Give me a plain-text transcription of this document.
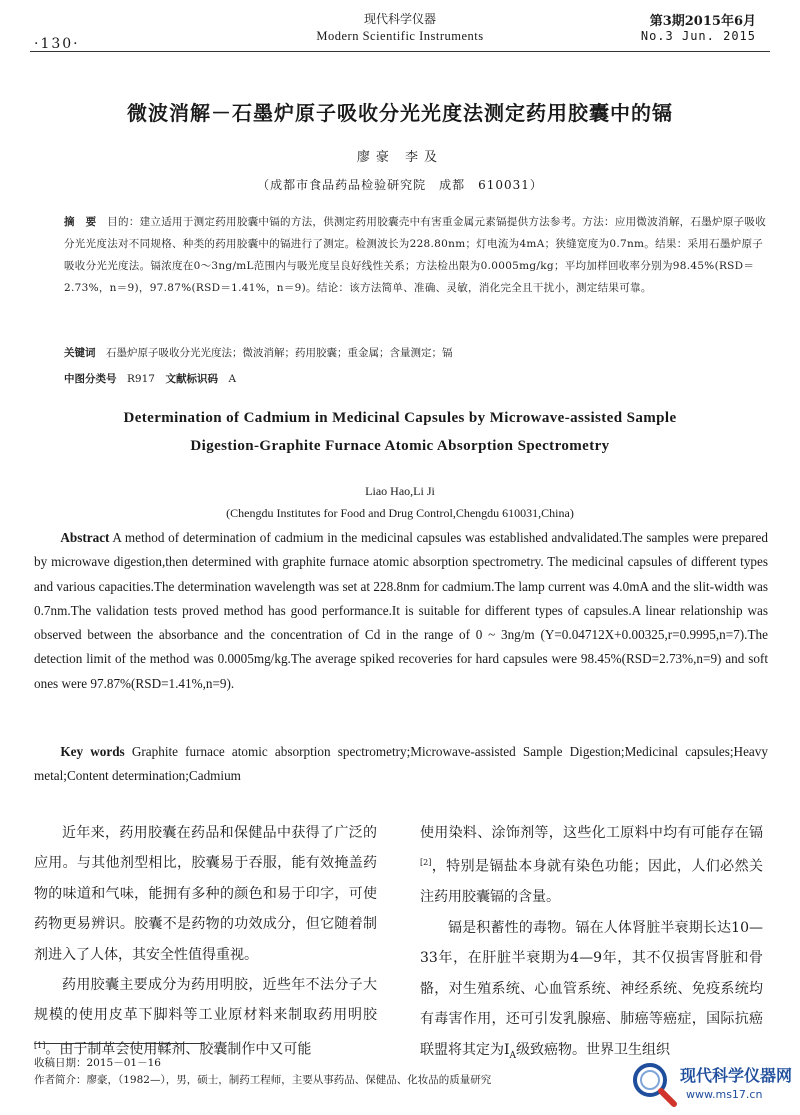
·130·
现代科学仪器
Modern Scientific Instruments
第3期2015年6月
No.3 Jun. 2015
微波消解－石墨炉原子吸收分光光度法测定药用胶囊中的镉
廖豪 李及
（成都市食品药品检验研究院　成都　610031）
摘　要　 目的：建立适用于测定药用胶囊中镉的方法，供测定药用胶囊壳中有害重金属元素镉提供方法参考。方法：应用微波消解，石墨炉原子吸收分光光度法对不同规格、种类的药用胶囊中的镉进行了测定。检测波长为228.80nm；灯电流为4mA；狭缝宽度为0.7nm。结果：采用石墨炉原子吸收分光光度法。镉浓度在0～3ng/mL范围内与吸光度呈良好线性关系；方法检出限为0.0005mg/kg；平均加样回收率分别为98.45%(RSD＝2.73%，n＝9)，97.87%(RSD＝1.41%，n＝9)。结论：该方法简单、准确、灵敏，消化完全且干扰小，测定结果可靠。
关键词　 石墨炉原子吸收分光光度法；微波消解；药用胶囊；重金属；含量测定；镉
中图分类号　 R917　 文献标识码　 A
Determination of Cadmium in Medicinal Capsules by Microwave-assisted Sample
Digestion-Graphite Furnace Atomic Absorption Spectrometry
Liao Hao,Li Ji
(Chengdu Institutes for Food and Drug Control,Chengdu 610031,China)
  Abstract A method of determination of cadmium in the medicinal capsules was established andvalidated.The samples were prepared by microwave digestion,then determined with graphite furnace atomic absorption spectrometry. The medicinal capsules of different types and various capacities.The determination wavelength was set at 228.8nm for cadmium.The lamp current was 4.0mA and the slit-width was 0.7nm.The validation tests proved method has good performance.It is suitable for different types of capsules.A linear relationship was observed between the absorbance and the concentration of Cd in the range of 0 ~ 3ng/m (Y=0.04712X+0.00325,r=0.9995,n=7).The detection limit of the method was 0.0005mg/kg.The average spiked recoveries for hard capsules were 98.45%(RSD=2.73%,n=9) and soft ones were 97.87%(RSD=1.41%,n=9).
  Key words Graphite furnace atomic absorption spectrometry;Microwave-assisted Sample Digestion;Medicinal capsules;Heavy metal;Content determination;Cadmium

近年来，药用胶囊在药品和保健品中获得了广泛的应用。与其他剂型相比，胶囊易于吞服，能有效掩盖药物的味道和气味，能拥有多种的颜色和易于印字，可使药物更易辨识。胶囊不是药物的功效成分，但它随着制剂进入了人体，其安全性值得重视。

药用胶囊主要成分为药用明胶，近些年不法分子大规模的使用皮革下脚料等工业原材料来制取药用明胶[1]。由于制革会使用鞣剂、胶囊制作中又可能

使用染料、涂饰剂等，这些化工原料中均有可能存在镉[2]，特别是镉盐本身就有染色功能；因此，人们必然关注药用胶囊镉的含量。

镉是积蓄性的毒物。镉在人体肾脏半衰期长达10—33年，在肝脏半衰期为4—9年，其不仅损害肾脏和骨骼，对生殖系统、心血管系统、神经系统、免疫系统均有毒害作用，还可引发乳腺癌、肺癌等癌症，国际抗癌联盟将其定为$I_A$级致癌物。世界卫生组织

收稿日期：2015－01－16
作者简介：廖豪，（1982—），男，硕士，制药工程师，主要从事药品、保健品、化妆品的质量研究	现代科学仪器网
www.ms17.cn
